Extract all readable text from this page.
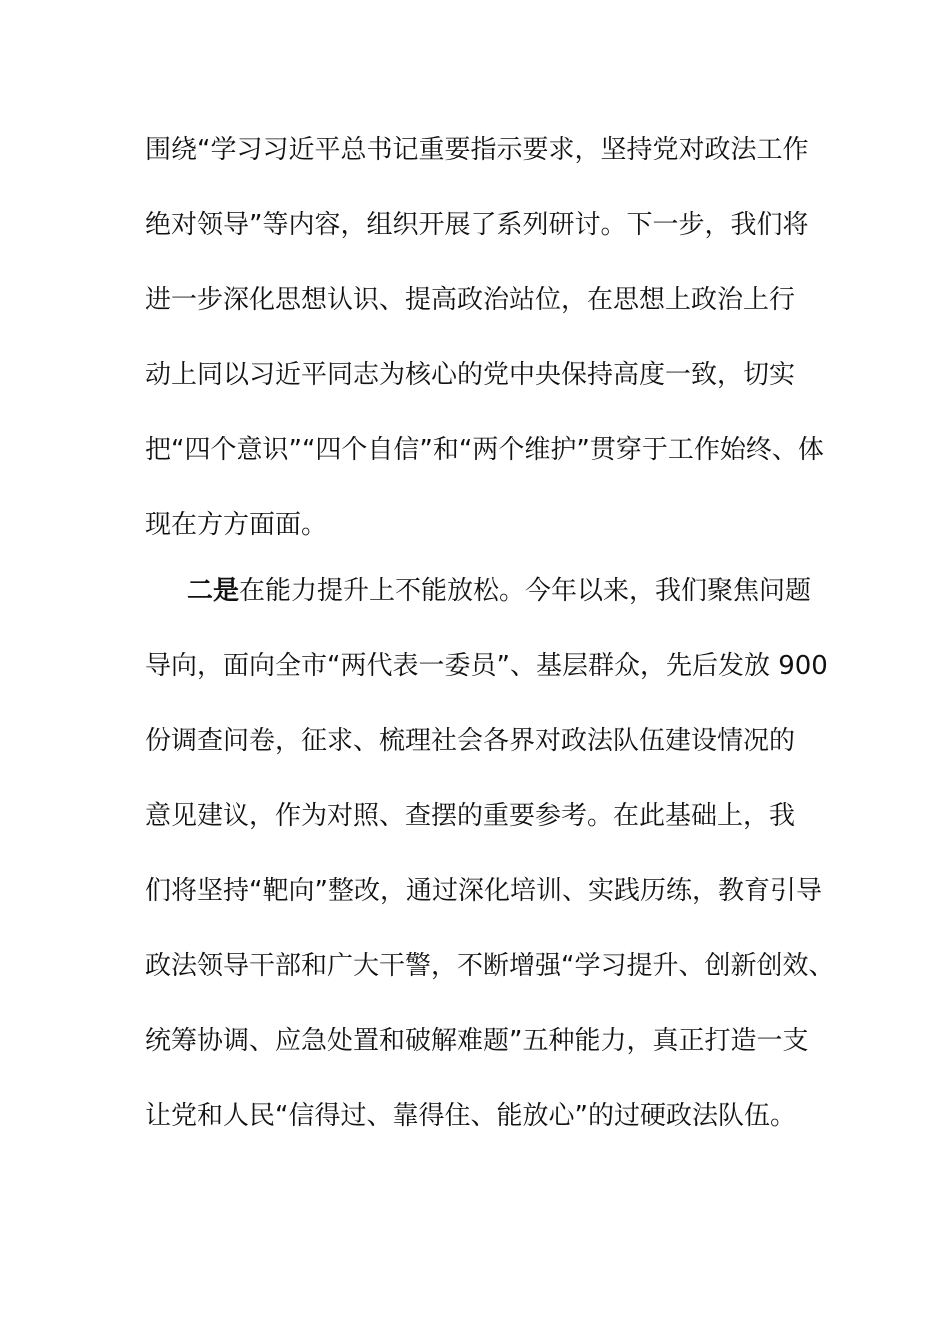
围绕“学习习近平总书记重要指示要求，坚持党对政法工作
绝对领导”等内容，组织开展了系列研讨。下一步，我们将
进一步深化思想认识、提高政治站位，在思想上政治上行
动上同以习近平同志为核心的党中央保持高度一致，切实
把“四个意识”“四个自信”和“两个维护”贯穿于工作始终、体
现在方方面面。
二是在能力提升上不能放松。今年以来，我们聚焦问题
导向，面向全市“两代表一委员”、基层群众，先后发放 900
份调查问卷，征求、梳理社会各界对政法队伍建设情况的
意见建议，作为对照、查摆的重要参考。在此基础上，我
们将坚持“靶向”整改，通过深化培训、实践历练，教育引导
政法领导干部和广大干警，不断增强“学习提升、创新创效、
统筹协调、应急处置和破解难题”五种能力，真正打造一支
让党和人民“信得过、靠得住、能放心”的过硬政法队伍。
